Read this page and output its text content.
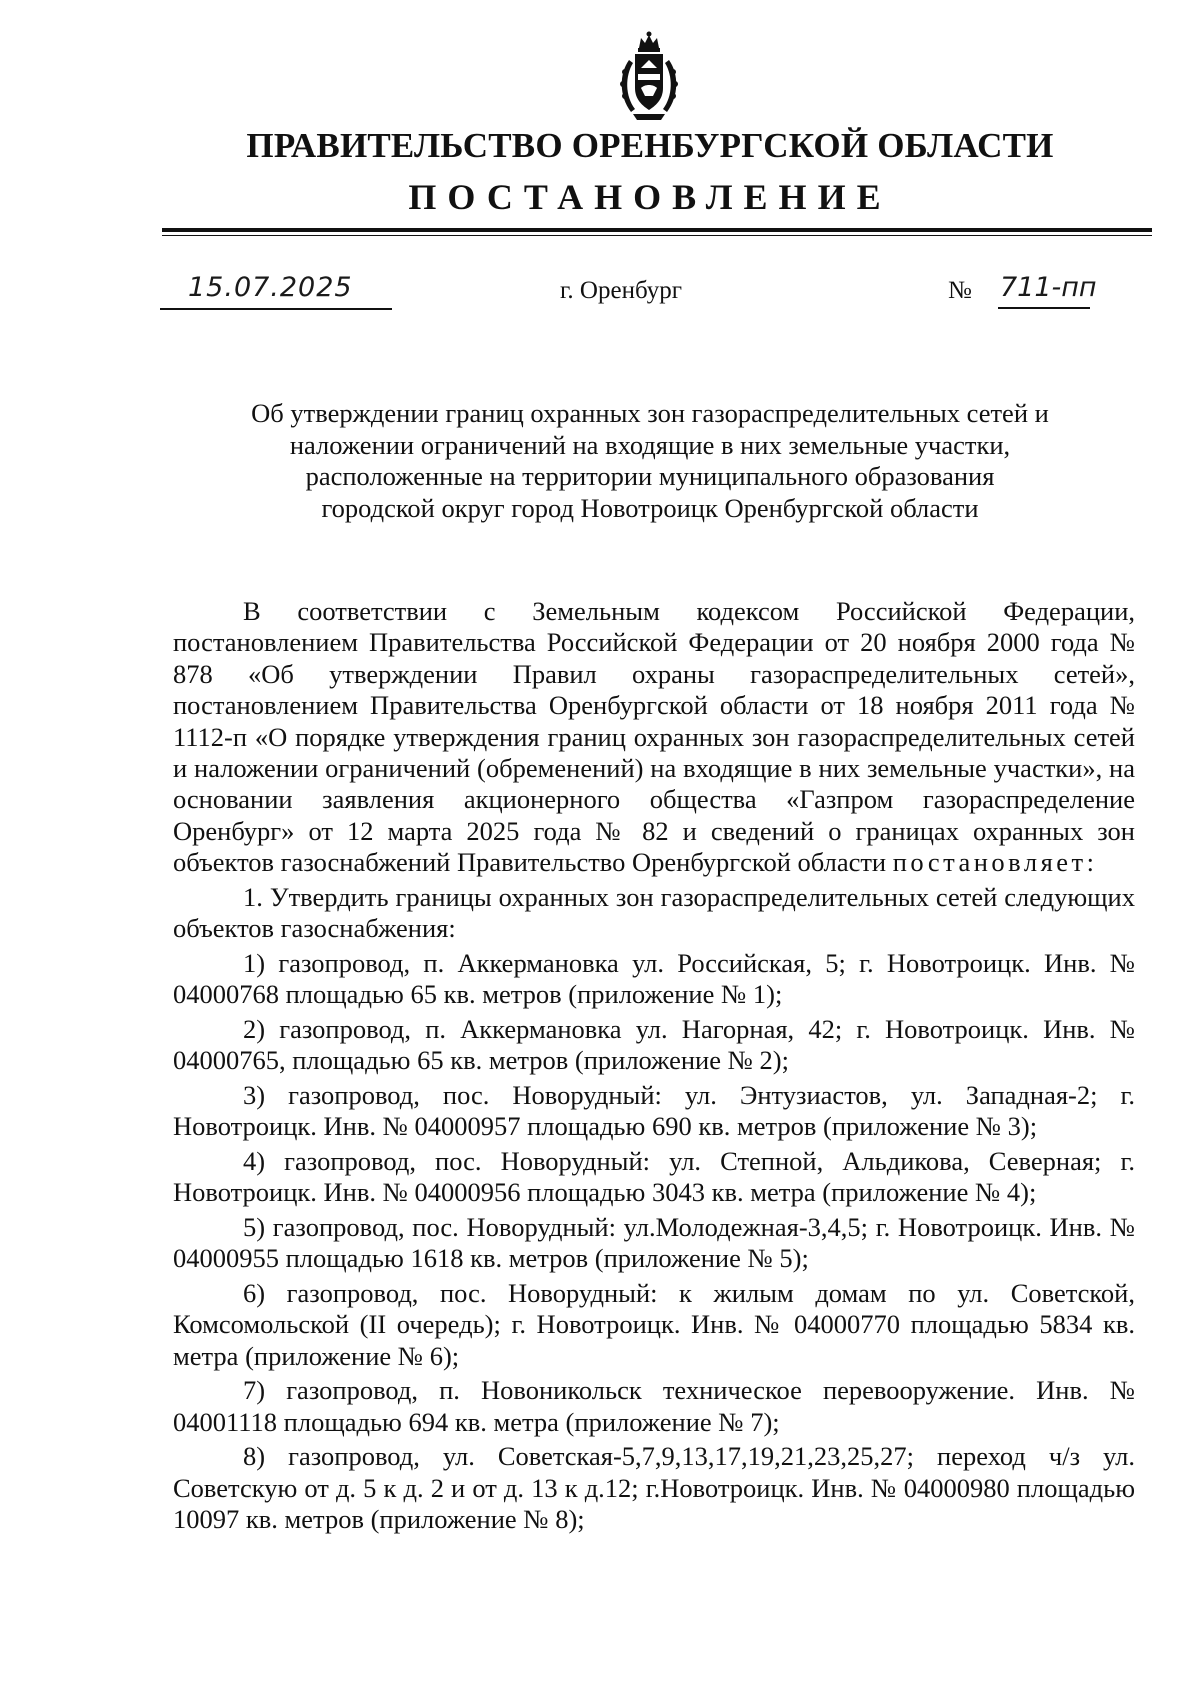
ПРАВИТЕЛЬСТВО ОРЕНБУРГСКОЙ ОБЛАСТИ
ПОСТАНОВЛЕНИЕ
15.07.2025	г. Оренбург	№ 711-пп
Об утверждении границ охранных зон газораспределительных сетей и
наложении ограничений на входящие в них земельные участки,
расположенные на территории муниципального образования
городской округ город Новотроицк Оренбургской области

В соответствии с Земельным кодексом Российской Федерации, постановлением Правительства Российской Федерации от 20 ноября 2000 года № 878 «Об утверждении Правил охраны газораспределительных сетей», постановлением Правительства Оренбургской области от 18 ноября 2011 года № 1112-п «О порядке утверждения границ охранных зон газораспределительных сетей и наложении ограничений (обременений) на входящие в них земельные участки», на основании заявления акционерного общества «Газпром газораспределение Оренбург» от 12 марта 2025 года № 82 и сведений о границах охранных зон объектов газоснабжений Правительство Оренбургской области постановляет:

1. Утвердить границы охранных зон газораспределительных сетей следующих объектов газоснабжения:

1) газопровод, п. Аккермановка ул. Российская, 5; г. Новотроицк. Инв. № 04000768 площадью 65 кв. метров (приложение № 1);

2) газопровод, п. Аккермановка ул. Нагорная, 42; г. Новотроицк. Инв. № 04000765, площадью 65 кв. метров (приложение № 2);

3) газопровод, пос. Новорудный: ул. Энтузиастов, ул. Западная-2; г. Новотроицк. Инв. № 04000957 площадью 690 кв. метров (приложение № 3);

4) газопровод, пос. Новорудный: ул. Степной, Альдикова, Северная; г. Новотроицк. Инв. № 04000956 площадью 3043 кв. метра (приложение № 4);

5) газопровод, пос. Новорудный: ул.Молодежная-3,4,5; г. Новотроицк. Инв. № 04000955 площадью 1618 кв. метров (приложение № 5);

6) газопровод, пос. Новорудный: к жилым домам по ул. Советской, Комсомольской (II очередь); г. Новотроицк. Инв. № 04000770 площадью 5834 кв. метра (приложение № 6);

7) газопровод, п. Новоникольск техническое перевооружение. Инв. № 04001118 площадью 694 кв. метра (приложение № 7);

8) газопровод, ул. Советская-5,7,9,13,17,19,21,23,25,27; переход ч/з ул. Советскую от д. 5 к д. 2 и от д. 13 к д.12; г.Новотроицк. Инв. № 04000980 площадью 10097 кв. метров (приложение № 8);
